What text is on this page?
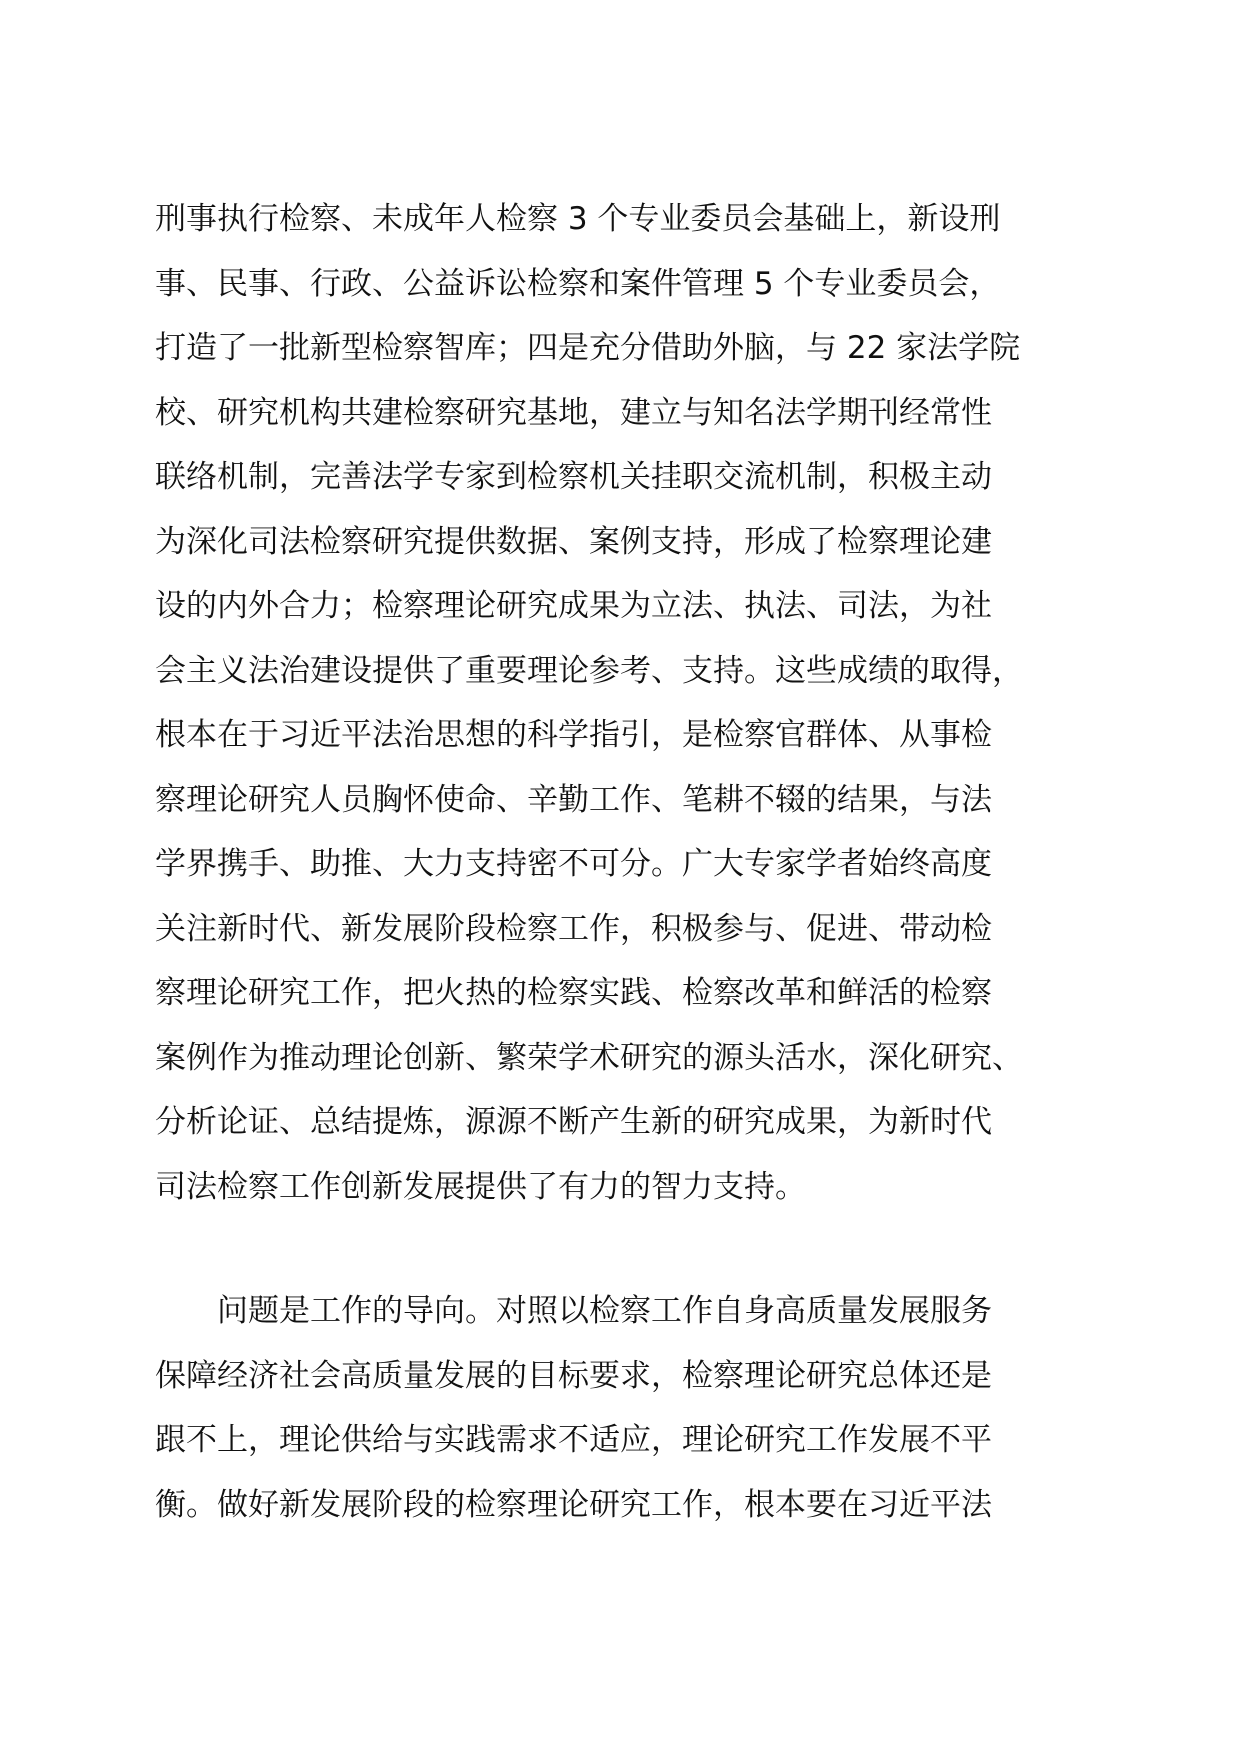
刑事执行检察、未成年人检察 3 个专业委员会基础上，新设刑
事、民事、行政、公益诉讼检察和案件管理 5 个专业委员会，
打造了一批新型检察智库；四是充分借助外脑，与 22 家法学院
校、研究机构共建检察研究基地，建立与知名法学期刊经常性
联络机制，完善法学专家到检察机关挂职交流机制，积极主动
为深化司法检察研究提供数据、案例支持，形成了检察理论建
设的内外合力；检察理论研究成果为立法、执法、司法，为社
会主义法治建设提供了重要理论参考、支持。这些成绩的取得，
根本在于习近平法治思想的科学指引，是检察官群体、从事检
察理论研究人员胸怀使命、辛勤工作、笔耕不辍的结果，与法
学界携手、助推、大力支持密不可分。广大专家学者始终高度
关注新时代、新发展阶段检察工作，积极参与、促进、带动检
察理论研究工作，把火热的检察实践、检察改革和鲜活的检察
案例作为推动理论创新、繁荣学术研究的源头活水，深化研究、
分析论证、总结提炼，源源不断产生新的研究成果，为新时代
司法检察工作创新发展提供了有力的智力支持。
问题是工作的导向。对照以检察工作自身高质量发展服务
保障经济社会高质量发展的目标要求，检察理论研究总体还是
跟不上，理论供给与实践需求不适应，理论研究工作发展不平
衡。做好新发展阶段的检察理论研究工作，根本要在习近平法
